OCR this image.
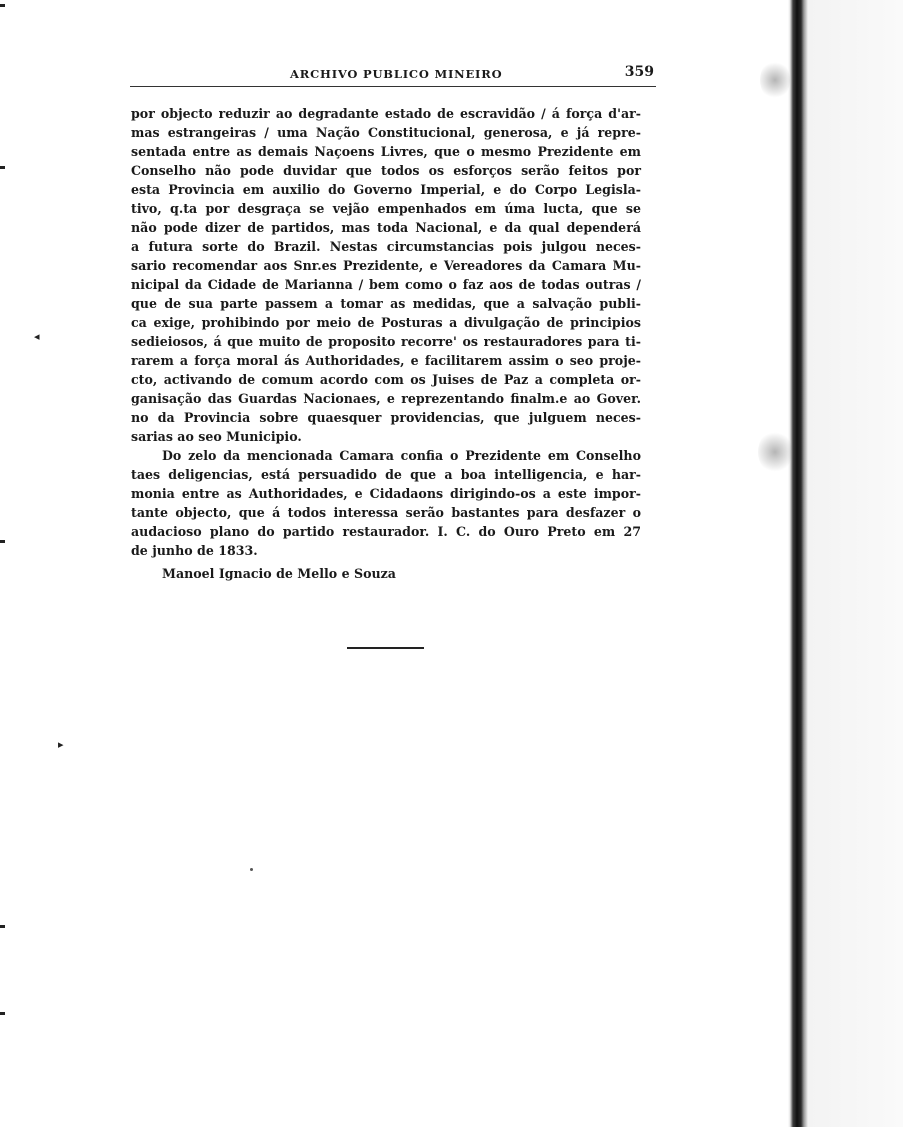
◂
▸
ARCHIVO PUBLICO MINEIRO	359
por objecto reduzir ao degradante estado de escravidão / á força d'ar-
mas estrangeiras / uma Nação Constitucional, generosa, e já repre-
sentada entre as demais Naçoens Livres, que o mesmo Prezidente em
Conselho não pode duvidar que todos os esforços serão feitos por
esta Provincia em auxilio do Governo Imperial, e do Corpo Legisla-
tivo, q.ta por desgraça se vejão empenhados em úma lucta, que se
não pode dizer de partidos, mas toda Nacional, e da qual dependerá
a futura sorte do Brazil. Nestas circumstancias pois julgou neces-
sario recomendar aos Snr.es Prezidente, e Vereadores da Camara Mu-
nicipal da Cidade de Marianna / bem como o faz aos de todas outras /
que de sua parte passem a tomar as medidas, que a salvação publi-
ca exige, prohibindo por meio de Posturas a divulgação de principios
sedieiosos, á que muito de proposito recorre' os restauradores para ti-
rarem a força moral ás Authoridades, e facilitarem assim o seo proje-
cto, activando de comum acordo com os Juises de Paz a completa or-
ganisação das Guardas Nacionaes, e reprezentando finalm.e ao Gover.
no da Provincia sobre quaesquer providencias, que julguem neces-
sarias ao seo Municipio.
Do zelo da mencionada Camara confia o Prezidente em Conselho
taes deligencias, está persuadido de que a boa intelligencia, e har-
monia entre as Authoridades, e Cidadaons dirigindo-os a este impor-
tante objecto, que á todos interessa serão bastantes para desfazer o
audacioso plano do partido restaurador. I. C. do Ouro Preto em 27
de junho de 1833.
Manoel Ignacio de Mello e Souza
